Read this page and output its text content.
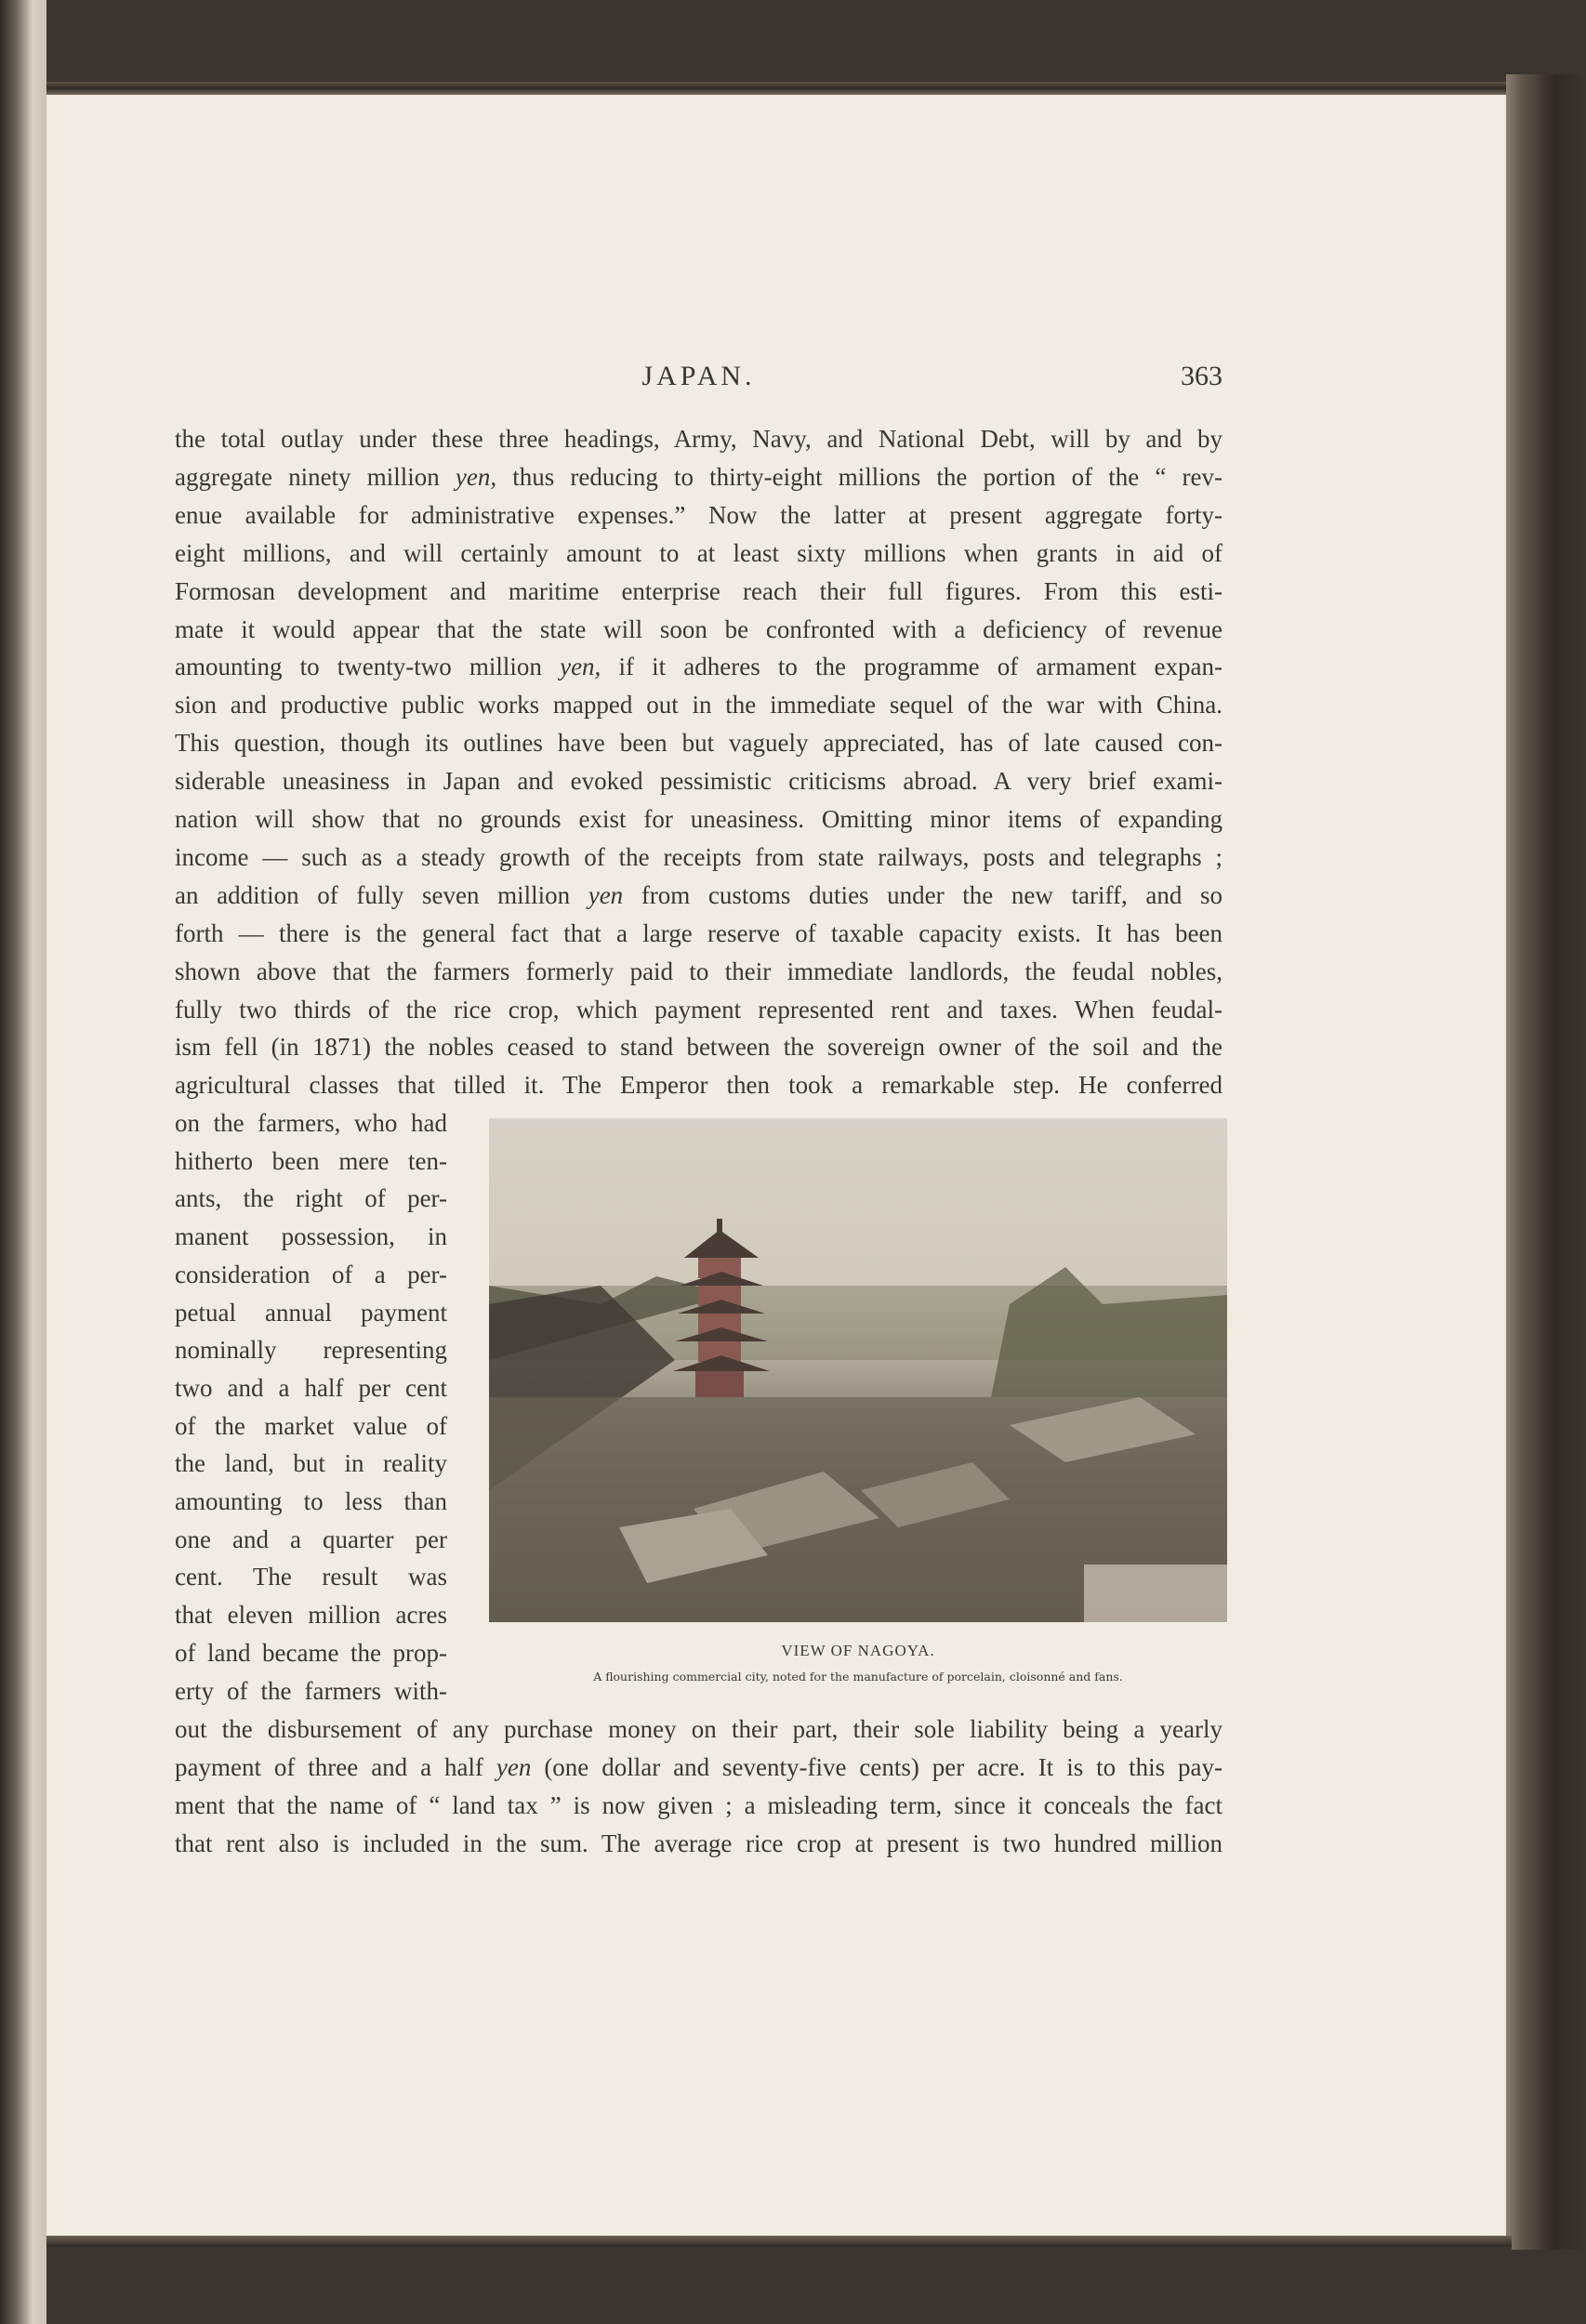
JAPAN.	363
the total outlay under these three headings, Army, Navy, and National Debt, will by and by
aggregate ninety million yen, thus reducing to thirty-eight millions the portion of the “ rev-
enue available for administrative expenses.” Now the latter at present aggregate forty-
eight millions, and will certainly amount to at least sixty millions when grants in aid of
Formosan development and maritime enterprise reach their full figures. From this esti-
mate it would appear that the state will soon be confronted with a deficiency of revenue
amounting to twenty-two million yen, if it adheres to the programme of armament expan-
sion and productive public works mapped out in the immediate sequel of the war with China.
This question, though its outlines have been but vaguely appreciated, has of late caused con-
siderable uneasiness in Japan and evoked pessimistic criticisms abroad. A very brief exami-
nation will show that no grounds exist for uneasiness. Omitting minor items of expanding
income — such as a steady growth of the receipts from state railways, posts and telegraphs ;
an addition of fully seven million yen from customs duties under the new tariff, and so
forth — there is the general fact that a large reserve of taxable capacity exists. It has been
shown above that the farmers formerly paid to their immediate landlords, the feudal nobles,
fully two thirds of the rice crop, which payment represented rent and taxes. When feudal-
ism fell (in 1871) the nobles ceased to stand between the sovereign owner of the soil and the
agricultural classes that tilled it. The Emperor then took a remarkable step. He conferred
on the farmers, who had
hitherto been mere ten-
ants, the right of per-
manent possession, in
consideration of a per-
petual annual payment
nominally representing
two and a half per cent
of the market value of
the land, but in reality
amounting to less than
one and a quarter per
cent. The result was
that eleven million acres
of land became the prop-
erty of the farmers with-
out the disbursement of any purchase money on their part, their sole liability being a yearly
payment of three and a half yen (one dollar and seventy-five cents) per acre. It is to this pay-
ment that the name of “ land tax ” is now given ; a misleading term, since it conceals the fact
that rent also is included in the sum. The average rice crop at present is two hundred million
VIEW OF NAGOYA.
A flourishing commercial city, noted for the manufacture of porcelain, cloisonné and fans.
